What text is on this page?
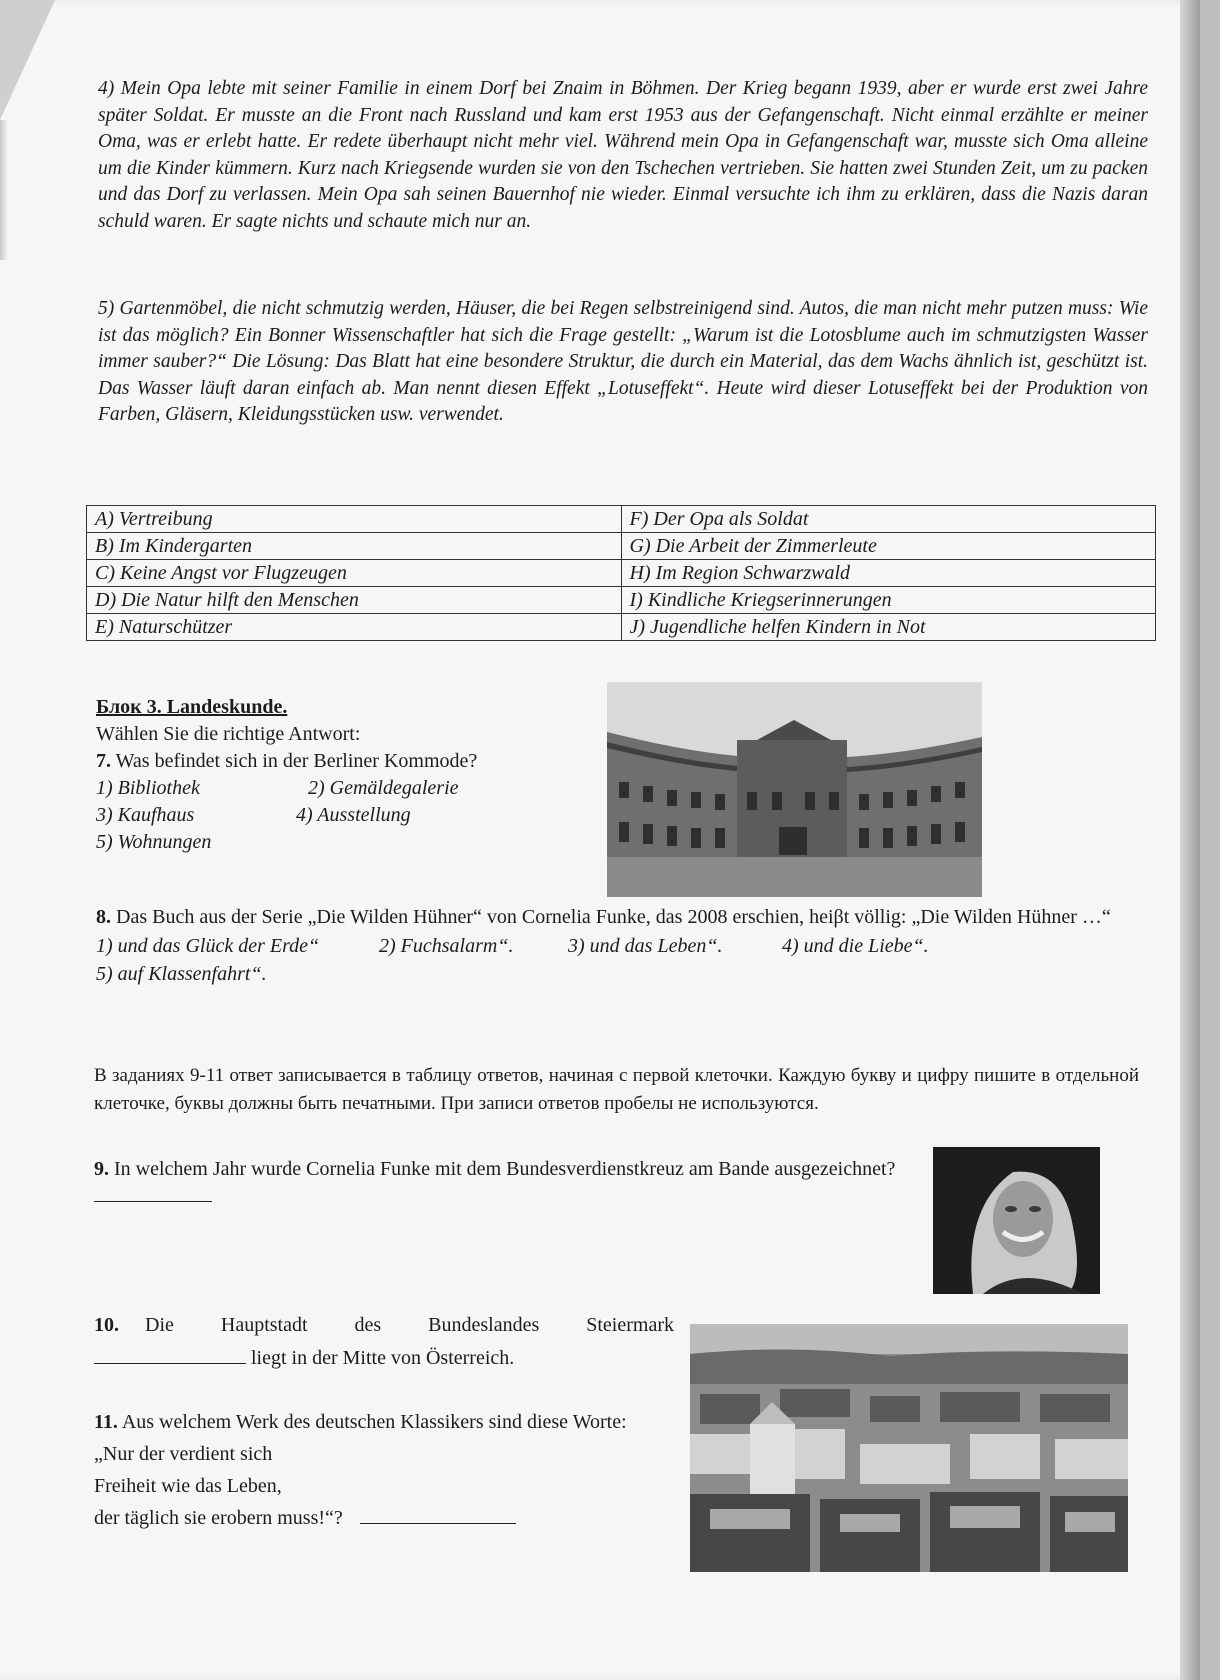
4) Mein Opa lebte mit seiner Familie in einem Dorf bei Znaim in Böhmen. Der Krieg begann 1939, aber er wurde erst zwei Jahre später Soldat. Er musste an die Front nach Russland und kam erst 1953 aus der Gefangenschaft. Nicht einmal erzählte er meiner Oma, was er erlebt hatte. Er redete überhaupt nicht mehr viel. Während mein Opa in Gefangenschaft war, musste sich Oma alleine um die Kinder kümmern. Kurz nach Kriegsende wurden sie von den Tschechen vertrieben. Sie hatten zwei Stunden Zeit, um zu packen und das Dorf zu verlassen. Mein Opa sah seinen Bauernhof nie wieder. Einmal versuchte ich ihm zu erklären, dass die Nazis daran schuld waren. Er sagte nichts und schaute mich nur an.

5) Gartenmöbel, die nicht schmutzig werden, Häuser, die bei Regen selbstreinigend sind. Autos, die man nicht mehr putzen muss: Wie ist das möglich? Ein Bonner Wissenschaftler hat sich die Frage gestellt: „Warum ist die Lotosblume auch im schmutzigsten Wasser immer sauber?“ Die Lösung: Das Blatt hat eine besondere Struktur, die durch ein Material, das dem Wachs ähnlich ist, geschützt ist. Das Wasser läuft daran einfach ab. Man nennt diesen Effekt „Lotuseffekt“. Heute wird dieser Lotuseffekt bei der Produktion von Farben, Gläsern, Kleidungsstücken usw. verwendet.

A) Vertreibung	F) Der Opa als Soldat
B) Im Kindergarten	G) Die Arbeit der Zimmerleute
C) Keine Angst vor Flugzeugen	H) Im Region Schwarzwald
D) Die Natur hilft den Menschen	I) Kindliche Kriegserinnerungen
E) Naturschützer	J) Jugendliche helfen Kindern in Not
Блок 3. Landeskunde.
Wählen Sie die richtige Antwort:
7. Was befindet sich in der Berliner Kommode?
1) Bibliothek	2) Gemäldegalerie
3) Kaufhaus	4) Ausstellung
5) Wohnungen
8. Das Buch aus der Serie „Die Wilden Hühner“ von Cornelia Funke, das 2008 erschien, heiβt völlig: „Die Wilden Hühner …“
1) und das Glück der Erde“	2) Fuchsalarm“.	3) und das Leben“.	4) und die Liebe“.
5) auf Klassenfahrt“.
В заданиях 9-11 ответ записывается в таблицу ответов, начиная с первой клеточки. Каждую букву и цифру пишите в отдельной клеточке, буквы должны быть печатными. При записи ответов пробелы не используются.
9. In welchem Jahr wurde Cornelia Funke mit dem Bundesverdienstkreuz am Bande ausgezeichnet?
10. Die Hauptstadt des Bundeslandes Steiermark
liegt in der Mitte von Österreich.
11. Aus welchem Werk des deutschen Klassikers sind diese Worte:
„Nur der verdient sich
Freiheit wie das Leben,
der täglich sie erobern muss!“?
